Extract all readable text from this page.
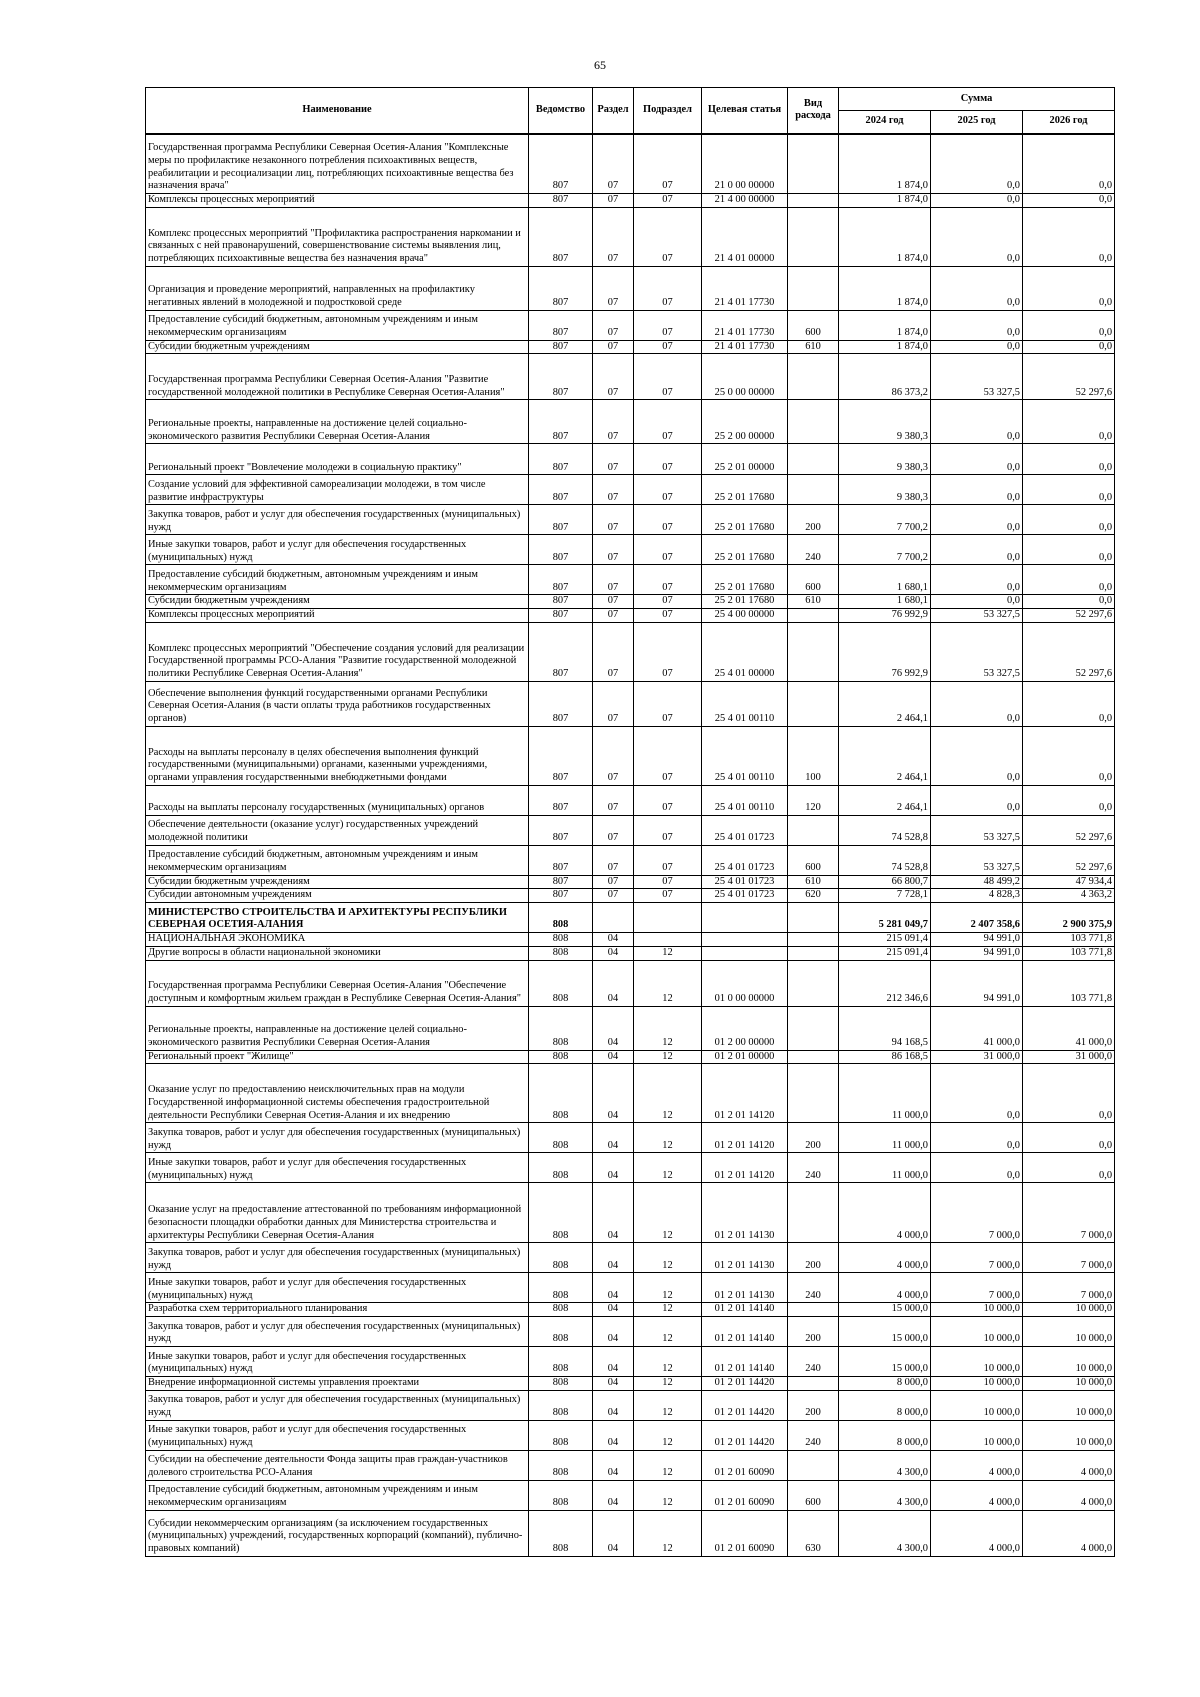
65
Наименование	Ведомство	Раздел	Подраздел	Целевая статья	Вид расхода	Сумма		
						2024 год	2025 год	2026 год
Государственная программа Республики Северная Осетия-Алания "Комплексные меры по профилактике незаконного потребления психоактивных веществ, реабилитации и ресоциализации лиц, потребляющих психоактивные вещества без назначения врача"	807	07	07	21 0 00 00000		1 874,0	0,0	0,0
Комплексы процессных мероприятий	807	07	07	21 4 00 00000		1 874,0	0,0	0,0
Комплекс процессных мероприятий "Профилактика распространения наркомании и связанных с ней правонарушений, совершенствование системы выявления лиц, потребляющих психоактивные вещества без назначения врача"	807	07	07	21 4 01 00000		1 874,0	0,0	0,0
Организация и проведение мероприятий, направленных на профилактику негативных явлений в молодежной и подростковой среде	807	07	07	21 4 01 17730		1 874,0	0,0	0,0
Предоставление субсидий бюджетным, автономным учреждениям и иным некоммерческим организациям	807	07	07	21 4 01 17730	600	1 874,0	0,0	0,0
Субсидии бюджетным учреждениям	807	07	07	21 4 01 17730	610	1 874,0	0,0	0,0
Государственная программа Республики Северная Осетия-Алания "Развитие государственной молодежной политики в Республике Северная Осетия-Алания"	807	07	07	25 0 00 00000		86 373,2	53 327,5	52 297,6
Региональные проекты, направленные на достижение целей социально-экономического развития Республики Северная Осетия-Алания	807	07	07	25 2 00 00000		9 380,3	0,0	0,0
Региональный проект "Вовлечение молодежи в социальную практику"	807	07	07	25 2 01 00000		9 380,3	0,0	0,0
Создание условий для эффективной самореализации молодежи, в том числе развитие инфраструктуры	807	07	07	25 2 01 17680		9 380,3	0,0	0,0
Закупка товаров, работ и услуг для обеспечения государственных (муниципальных) нужд	807	07	07	25 2 01 17680	200	7 700,2	0,0	0,0
Иные закупки товаров, работ и услуг для обеспечения государственных (муниципальных) нужд	807	07	07	25 2 01 17680	240	7 700,2	0,0	0,0
Предоставление субсидий бюджетным, автономным учреждениям и иным некоммерческим организациям	807	07	07	25 2 01 17680	600	1 680,1	0,0	0,0
Субсидии бюджетным учреждениям	807	07	07	25 2 01 17680	610	1 680,1	0,0	0,0
Комплексы процессных мероприятий	807	07	07	25 4 00 00000		76 992,9	53 327,5	52 297,6
Комплекс процессных мероприятий "Обеспечение создания условий для реализации Государственной программы РСО-Алания "Развитие государственной молодежной политики Республике Северная Осетия-Алания"	807	07	07	25 4 01 00000		76 992,9	53 327,5	52 297,6
Обеспечение выполнения функций государственными органами Республики Северная Осетия-Алания (в части оплаты труда работников государственных органов)	807	07	07	25 4 01 00110		2 464,1	0,0	0,0
Расходы на выплаты персоналу в целях обеспечения выполнения функций государственными (муниципальными) органами, казенными учреждениями, органами управления государственными внебюджетными фондами	807	07	07	25 4 01 00110	100	2 464,1	0,0	0,0
Расходы на выплаты персоналу государственных (муниципальных) органов	807	07	07	25 4 01 00110	120	2 464,1	0,0	0,0
Обеспечение деятельности (оказание услуг) государственных учреждений молодежной политики	807	07	07	25 4 01 01723		74 528,8	53 327,5	52 297,6
Предоставление субсидий бюджетным, автономным учреждениям и иным некоммерческим организациям	807	07	07	25 4 01 01723	600	74 528,8	53 327,5	52 297,6
Субсидии бюджетным учреждениям	807	07	07	25 4 01 01723	610	66 800,7	48 499,2	47 934,4
Субсидии автономным учреждениям	807	07	07	25 4 01 01723	620	7 728,1	4 828,3	4 363,2
МИНИСТЕРСТВО СТРОИТЕЛЬСТВА И АРХИТЕКТУРЫ РЕСПУБЛИКИ СЕВЕРНАЯ ОСЕТИЯ-АЛАНИЯ	808					5 281 049,7	2 407 358,6	2 900 375,9
НАЦИОНАЛЬНАЯ ЭКОНОМИКА	808	04				215 091,4	94 991,0	103 771,8
Другие вопросы в области национальной экономики	808	04	12			215 091,4	94 991,0	103 771,8
Государственная программа Республики Северная Осетия-Алания "Обеспечение доступным и комфортным жильем граждан в Республике Северная Осетия-Алания"	808	04	12	01 0 00 00000		212 346,6	94 991,0	103 771,8
Региональные проекты, направленные на достижение целей социально-экономического развития Республики Северная Осетия-Алания	808	04	12	01 2 00 00000		94 168,5	41 000,0	41 000,0
Региональный проект "Жилище"	808	04	12	01 2 01 00000		86 168,5	31 000,0	31 000,0
Оказание услуг по предоставлению неисключительных прав на модули Государственной информационной системы обеспечения градостроительной деятельности Республики Северная Осетия-Алания и их внедрению	808	04	12	01 2 01 14120		11 000,0	0,0	0,0
Закупка товаров, работ и услуг для обеспечения государственных (муниципальных) нужд	808	04	12	01 2 01 14120	200	11 000,0	0,0	0,0
Иные закупки товаров, работ и услуг для обеспечения государственных (муниципальных) нужд	808	04	12	01 2 01 14120	240	11 000,0	0,0	0,0
Оказание услуг на предоставление аттестованной по требованиям информационной безопасности площадки обработки данных для Министерства строительства и архитектуры Республики Северная Осетия-Алания	808	04	12	01 2 01 14130		4 000,0	7 000,0	7 000,0
Закупка товаров, работ и услуг для обеспечения государственных (муниципальных) нужд	808	04	12	01 2 01 14130	200	4 000,0	7 000,0	7 000,0
Иные закупки товаров, работ и услуг для обеспечения государственных (муниципальных) нужд	808	04	12	01 2 01 14130	240	4 000,0	7 000,0	7 000,0
Разработка схем территориального планирования	808	04	12	01 2 01 14140		15 000,0	10 000,0	10 000,0
Закупка товаров, работ и услуг для обеспечения государственных (муниципальных) нужд	808	04	12	01 2 01 14140	200	15 000,0	10 000,0	10 000,0
Иные закупки товаров, работ и услуг для обеспечения государственных (муниципальных) нужд	808	04	12	01 2 01 14140	240	15 000,0	10 000,0	10 000,0
Внедрение информационной системы управления проектами	808	04	12	01 2 01 14420		8 000,0	10 000,0	10 000,0
Закупка товаров, работ и услуг для обеспечения государственных (муниципальных) нужд	808	04	12	01 2 01 14420	200	8 000,0	10 000,0	10 000,0
Иные закупки товаров, работ и услуг для обеспечения государственных (муниципальных) нужд	808	04	12	01 2 01 14420	240	8 000,0	10 000,0	10 000,0
Субсидии на обеспечение деятельности Фонда защиты прав граждан-участников долевого строительства РСО-Алания	808	04	12	01 2 01 60090		4 300,0	4 000,0	4 000,0
Предоставление субсидий бюджетным, автономным учреждениям и иным некоммерческим организациям	808	04	12	01 2 01 60090	600	4 300,0	4 000,0	4 000,0
Субсидии некоммерческим организациям (за исключением государственных (муниципальных) учреждений, государственных корпораций (компаний), публично-правовых компаний)	808	04	12	01 2 01 60090	630	4 300,0	4 000,0	4 000,0
